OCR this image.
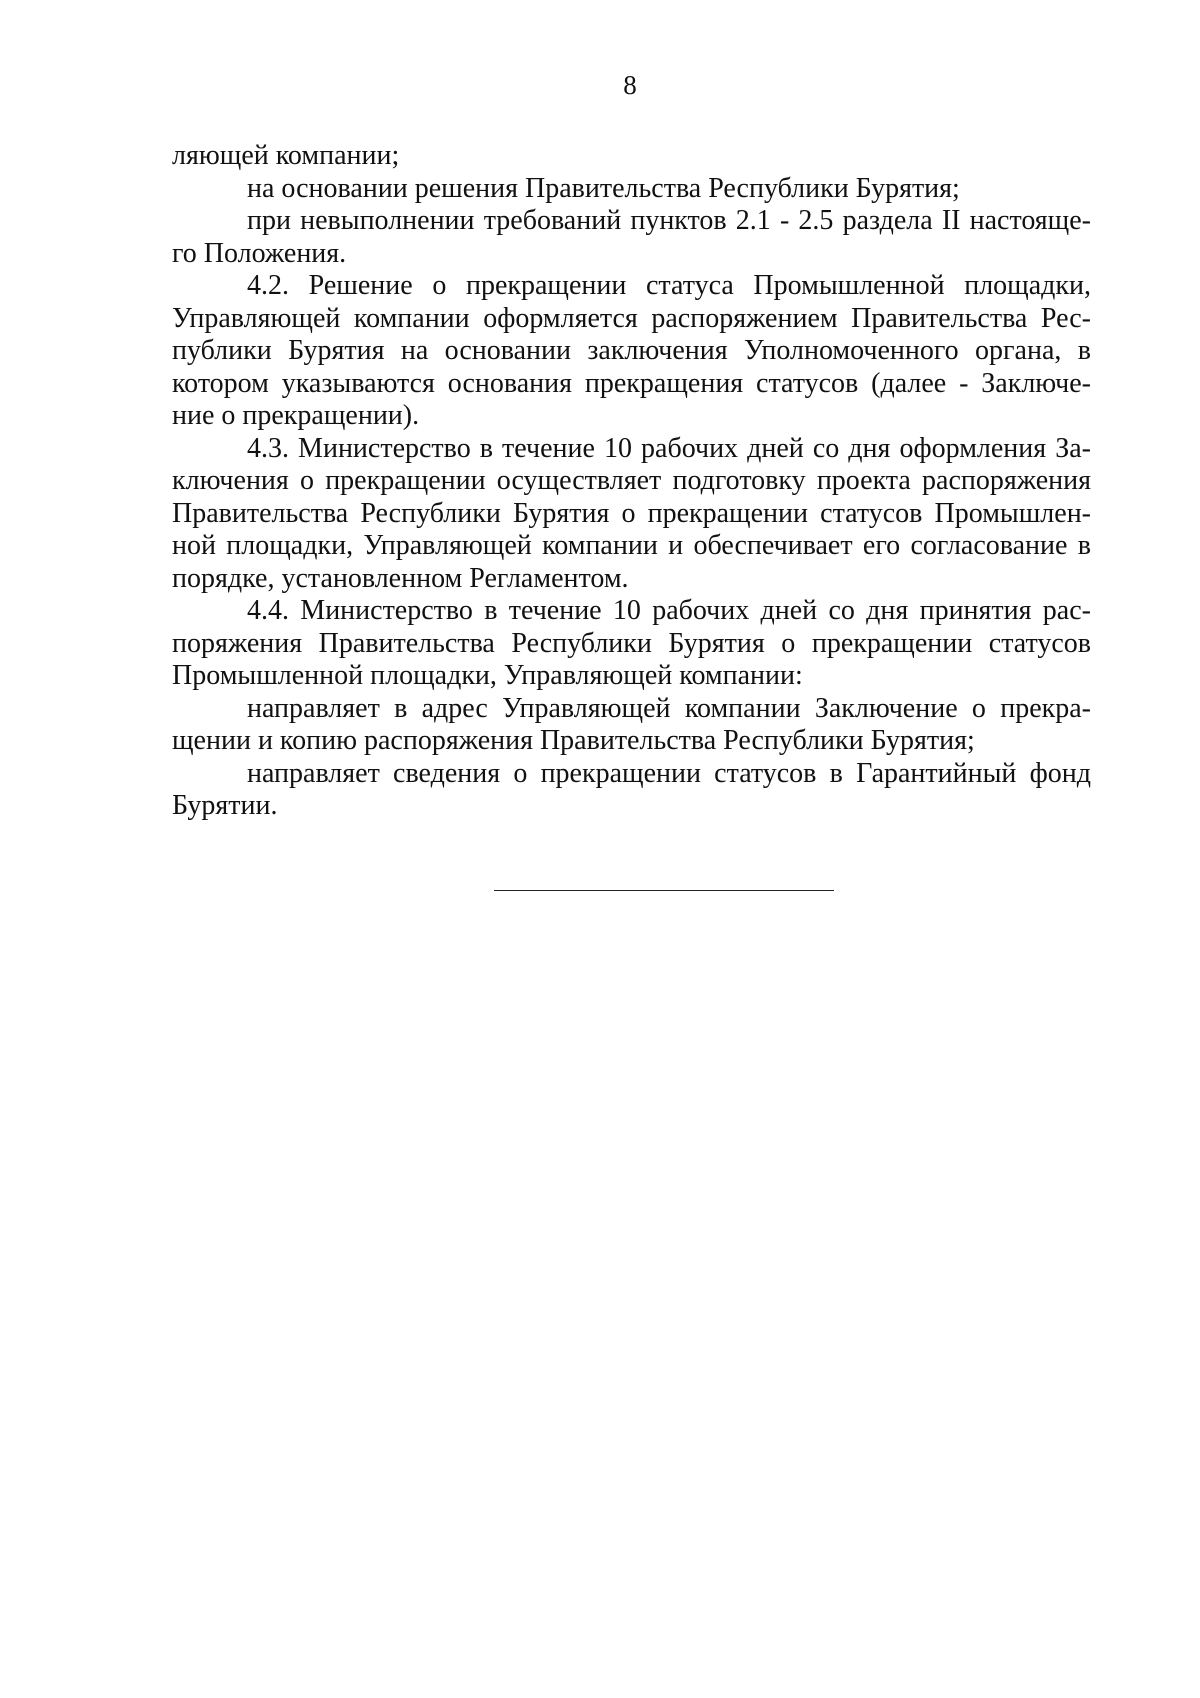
8
ляющей компании;
на основании решения Правительства Республики Бурятия;
при невыполнении требований пунктов 2.1 - 2.5 раздела II настояще-
го Положения.
4.2. Решение о прекращении статуса Промышленной площадки,
Управляющей компании оформляется распоряжением Правительства Рес-
публики Бурятия на основании заключения Уполномоченного органа, в
котором указываются основания прекращения статусов (далее - Заключе-
ние о прекращении).
4.3. Министерство в течение 10 рабочих дней со дня оформления За-
ключения о прекращении осуществляет подготовку проекта распоряжения
Правительства Республики Бурятия о прекращении статусов Промышлен-
ной площадки, Управляющей компании и обеспечивает его согласование в
порядке, установленном Регламентом.
4.4. Министерство в течение 10 рабочих дней со дня принятия рас-
поряжения Правительства Республики Бурятия о прекращении статусов
Промышленной площадки, Управляющей компании:
направляет в адрес Управляющей компании Заключение о прекра-
щении и копию распоряжения Правительства Республики Бурятия;
направляет сведения о прекращении статусов в Гарантийный фонд
Бурятии.
